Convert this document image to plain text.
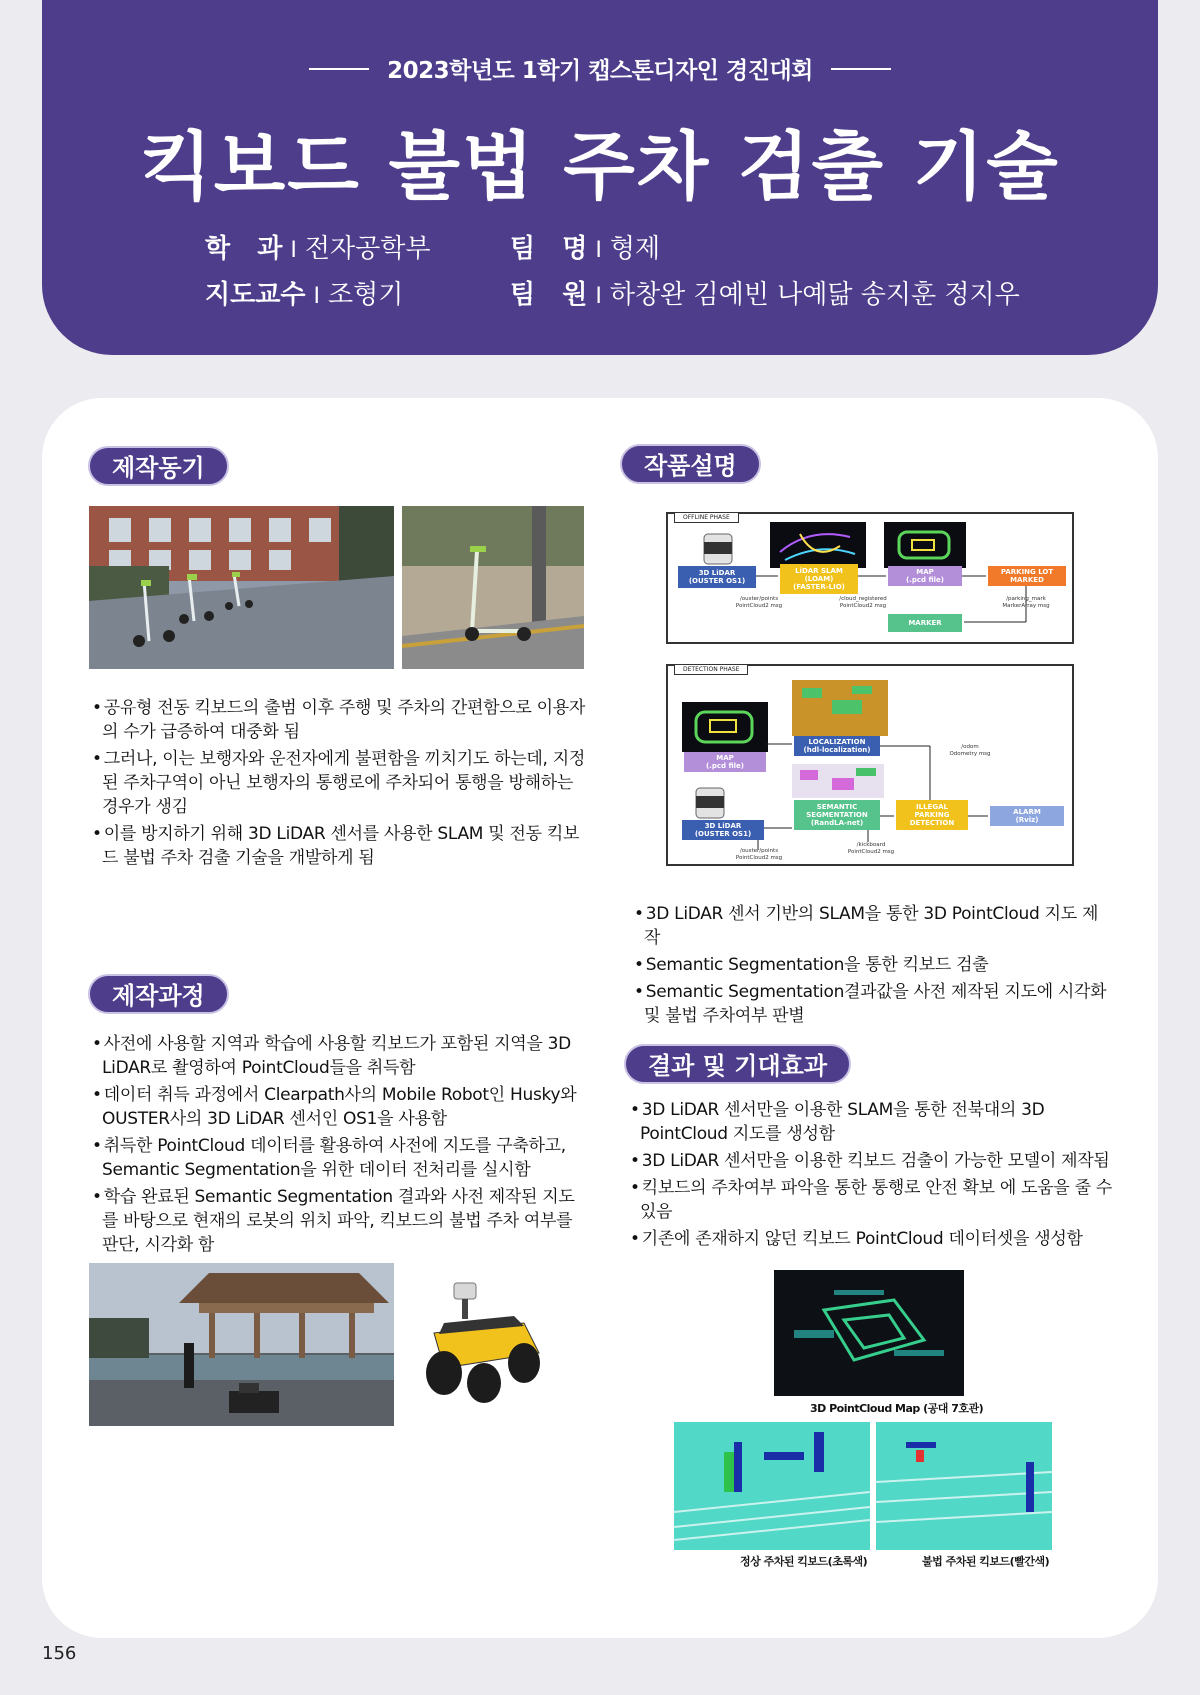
2023학년도 1학기 캡스톤디자인 경진대회
킥보드 불법 주차 검출 기술
학   과 I 전자공학부	팀   명 I 형제
지도교수 I 조형기	팀   원 I 하창완 김예빈 나예닮 송지훈 정지우
제작동기
• 공유형 전동 킥보드의 출범 이후 주행 및 주차의 간편함으로 이용자의 수가 급증하여 대중화 됨
• 그러나, 이는 보행자와 운전자에게 불편함을 끼치기도 하는데, 지정된 주차구역이 아닌 보행자의 통행로에 주차되어 통행을 방해하는 경우가 생김
• 이를 방지하기 위해 3D LiDAR 센서를 사용한 SLAM 및 전동 킥보드 불법 주차 검출 기술을 개발하게 됨
제작과정
• 사전에 사용할 지역과 학습에 사용할 킥보드가 포함된 지역을 3D LiDAR로 촬영하여 PointCloud들을 취득함
• 데이터 취득 과정에서 Clearpath사의 Mobile Robot인 Husky와 OUSTER사의 3D LiDAR 센서인 OS1을 사용함
• 취득한 PointCloud 데이터를 활용하여 사전에 지도를 구축하고, Semantic Segmentation을 위한 데이터 전처리를 실시함
• 학습 완료된 Semantic Segmentation 결과와 사전 제작된 지도를 바탕으로 현재의 로봇의 위치 파악, 킥보드의 불법 주차 여부를 판단, 시각화 함
작품설명
OFFLINE PHASE
3D LiDAR
(OUSTER OS1)
LiDAR SLAM
(LOAM)
(FASTER-LIO)
MAP
(.pcd file)
PARKING LOT
MARKED
MARKER
/ouster/points
PointCloud2 msg
/cloud_registered
PointCloud2 msg
/parking_mark
MarkerArray msg
DETECTION PHASE
MAP
(.pcd file)
LOCALIZATION
(hdl-localization)
SEMANTIC
SEGMENTATION
(RandLA-net)
3D LiDAR
(OUSTER OS1)
ILLEGAL
PARKING
DETECTION
ALARM
(Rviz)
/odom
Odometry msg
/ouster/points
PointCloud2 msg
/kickboard
PointCloud2 msg
• 3D LiDAR 센서 기반의 SLAM을 통한 3D PointCloud 지도 제작
• Semantic Segmentation을 통한 킥보드 검출
• Semantic Segmentation결과값을 사전 제작된 지도에 시각화 및 불법 주차여부 판별
결과 및 기대효과
• 3D LiDAR 센서만을 이용한 SLAM을 통한 전북대의 3D PointCloud 지도를 생성함
• 3D LiDAR 센서만을 이용한 킥보드 검출이 가능한 모델이 제작됨
• 킥보드의 주차여부 파악을 통한 통행로 안전 확보 에 도움을 줄 수 있음
• 기존에 존재하지 않던 킥보드 PointCloud 데이터셋을 생성함
3D PointCloud Map (공대 7호관)
정상 주차된 킥보드(초록색)	불법 주차된 킥보드(빨간색)
156
